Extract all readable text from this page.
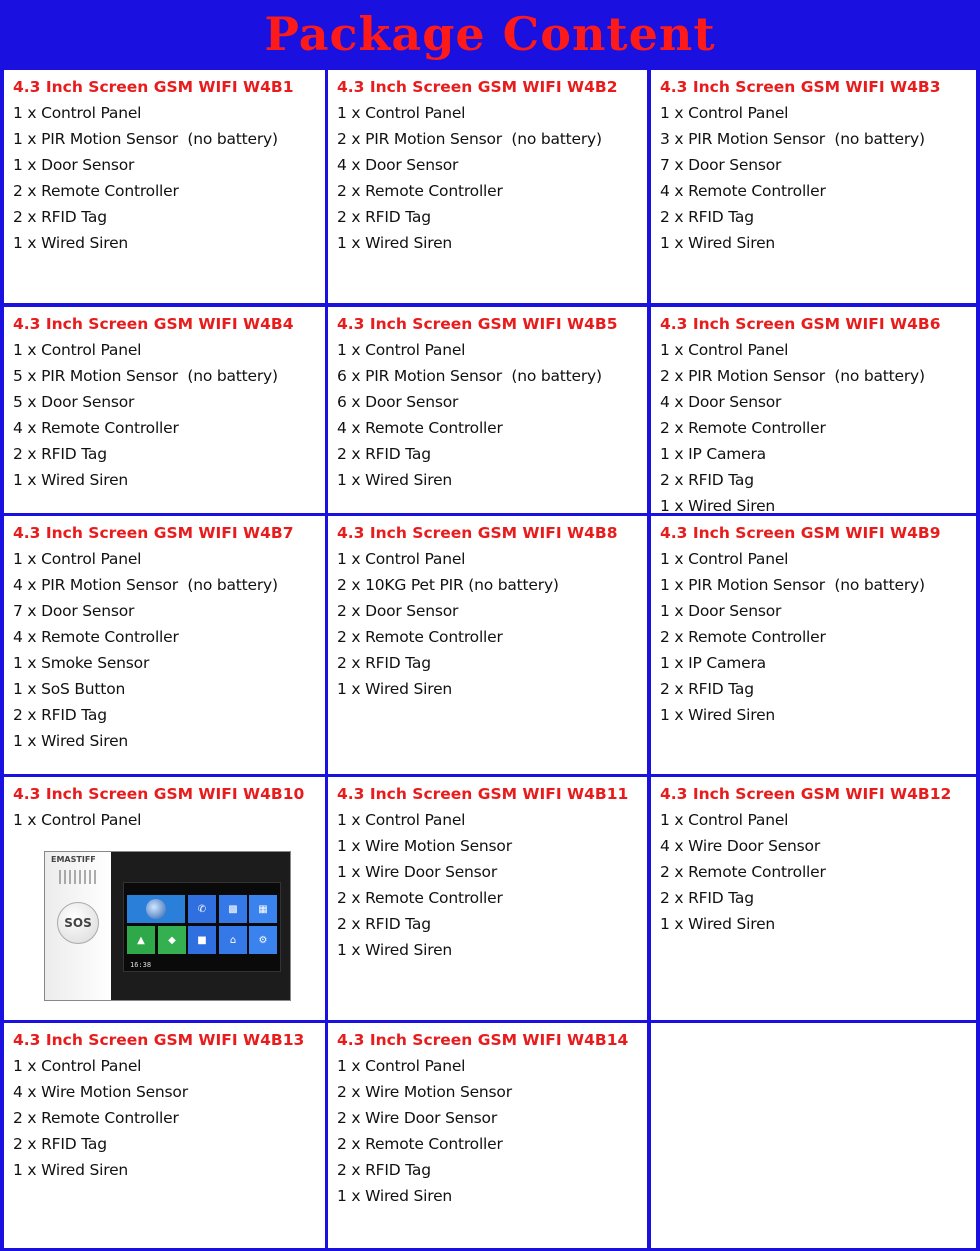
Package Content
4.3 Inch Screen GSM WIFI W4B1
1 x Control Panel
1 x PIR Motion Sensor  (no battery)
1 x Door Sensor
2 x Remote Controller
2 x RFID Tag
1 x Wired Siren
4.3 Inch Screen GSM WIFI W4B2
1 x Control Panel
2 x PIR Motion Sensor  (no battery)
4 x Door Sensor
2 x Remote Controller
2 x RFID Tag
1 x Wired Siren
4.3 Inch Screen GSM WIFI W4B3
1 x Control Panel
3 x PIR Motion Sensor  (no battery)
7 x Door Sensor
4 x Remote Controller
2 x RFID Tag
1 x Wired Siren
4.3 Inch Screen GSM WIFI W4B4
1 x Control Panel
5 x PIR Motion Sensor  (no battery)
5 x Door Sensor
4 x Remote Controller
2 x RFID Tag
1 x Wired Siren
4.3 Inch Screen GSM WIFI W4B5
1 x Control Panel
6 x PIR Motion Sensor  (no battery)
6 x Door Sensor
4 x Remote Controller
2 x RFID Tag
1 x Wired Siren
4.3 Inch Screen GSM WIFI W4B6
1 x Control Panel
2 x PIR Motion Sensor  (no battery)
4 x Door Sensor
2 x Remote Controller
1 x IP Camera
2 x RFID Tag
1 x Wired Siren
4.3 Inch Screen GSM WIFI W4B7
1 x Control Panel
4 x PIR Motion Sensor  (no battery)
7 x Door Sensor
4 x Remote Controller
1 x Smoke Sensor
1 x SoS Button
2 x RFID Tag
1 x Wired Siren
4.3 Inch Screen GSM WIFI W4B8
1 x Control Panel
2 x 10KG Pet PIR (no battery)
2 x Door Sensor
2 x Remote Controller
2 x RFID Tag
1 x Wired Siren
4.3 Inch Screen GSM WIFI W4B9
1 x Control Panel
1 x PIR Motion Sensor  (no battery)
1 x Door Sensor
2 x Remote Controller
1 x IP Camera
2 x RFID Tag
1 x Wired Siren
4.3 Inch Screen GSM WIFI W4B10
1 x Control Panel
4.3 Inch Screen GSM WIFI W4B11
1 x Control Panel
1 x Wire Motion Sensor
1 x Wire Door Sensor
2 x Remote Controller
2 x RFID Tag
1 x Wired Siren
4.3 Inch Screen GSM WIFI W4B12
1 x Control Panel
4 x Wire Door Sensor
2 x Remote Controller
2 x RFID Tag
1 x Wired Siren
4.3 Inch Screen GSM WIFI W4B13
1 x Control Panel
4 x Wire Motion Sensor
2 x Remote Controller
2 x RFID Tag
1 x Wired Siren
4.3 Inch Screen GSM WIFI W4B14
1 x Control Panel
2 x Wire Motion Sensor
2 x Wire Door Sensor
2 x Remote Controller
2 x RFID Tag
1 x Wired Siren
EMASTIFF
SOS
✆	▩	▦
▲	◆	■	⌂	⚙
16:38
